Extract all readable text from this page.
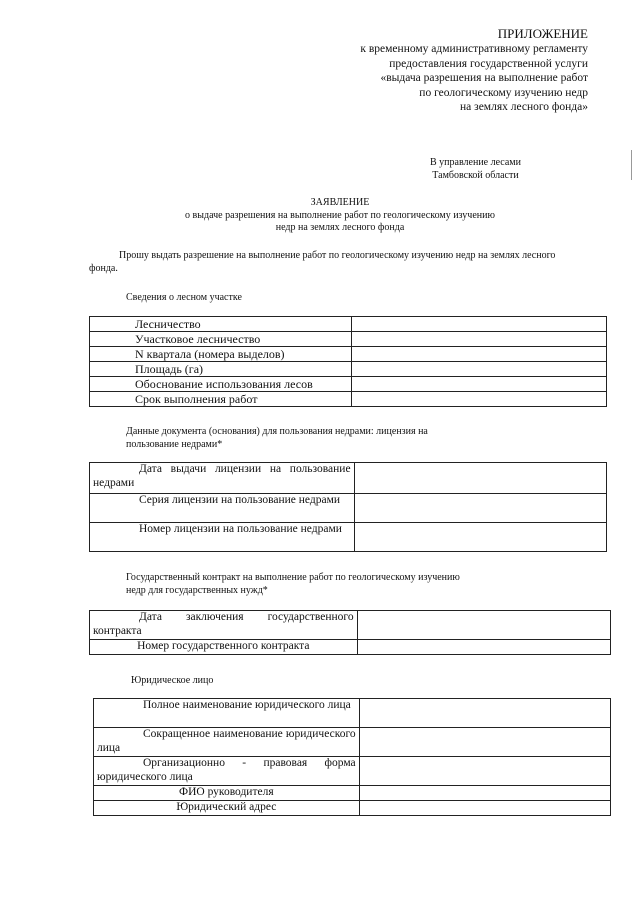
ПРИЛОЖЕНИЕ
к временному административному регламенту
предоставления государственной услуги
«выдача разрешения на выполнение работ
по геологическому изучению недр
на землях лесного фонда»
В управление лесами
Тамбовской области
ЗАЯВЛЕНИЕ
о выдаче разрешения на выполнение работ по геологическому изучению
недр на землях лесного фонда
Прошу выдать разрешение на выполнение работ по геологическому изучению недр на землях лесного фонда.
Сведения о лесном участке
Лесничество	
Участковое лесничество	
N квартала (номера выделов)	
Площадь (га)	
Обоснование использования лесов	
Срок выполнения работ	
Данные документа (основания) для пользования недрами: лицензия на
пользование недрами*
Дата выдачи лицензии на пользование недрами	
Серия лицензии на пользование недрами	
Номер лицензии на пользование недрами	
Государственный контракт на выполнение работ по геологическому изучению
недр для государственных нужд*
Дата заключения государственного контракта	
Номер государственного контракта	
Юридическое лицо
Полное наименование юридического лица	
Сокращенное наименование юридического лица	
Организационно - правовая форма юридического лица	
ФИО руководителя	
Юридический адрес	
